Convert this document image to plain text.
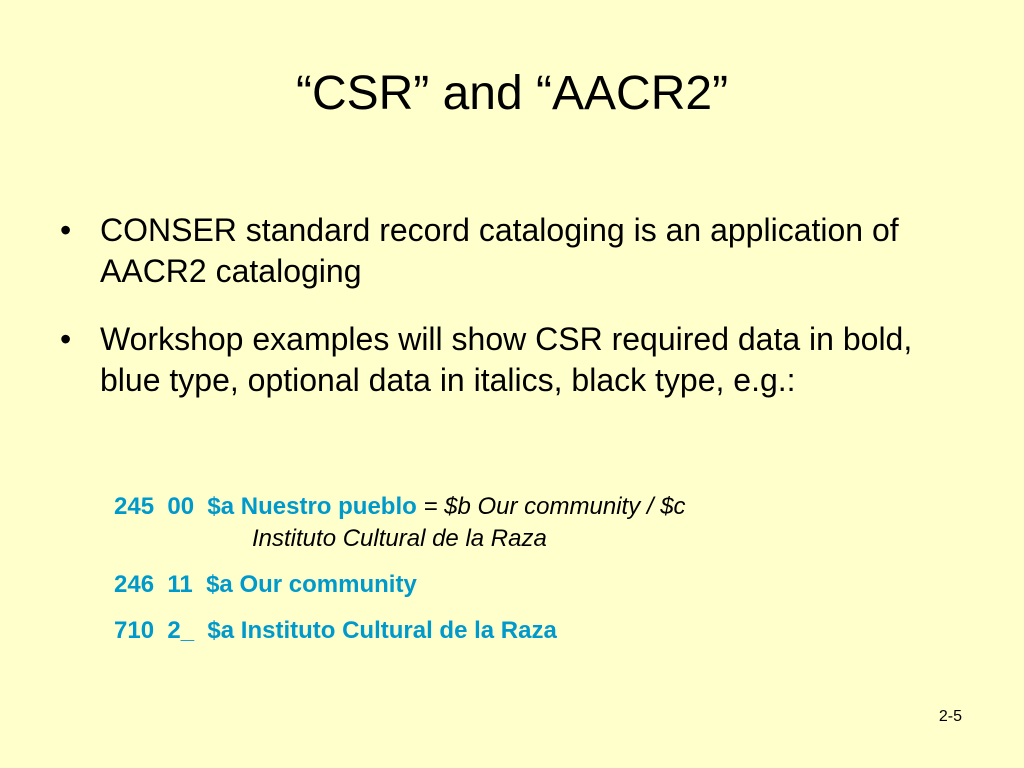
“CSR” and “AACR2”
• CONSER standard record cataloging is an application of AACR2 cataloging
• Workshop examples will show CSR required data in bold, blue type, optional data in italics, black type, e.g.:
245  00  $a Nuestro pueblo = $b Our community / $c
Instituto Cultural de la Raza
246  11  $a Our community
710  2_  $a Instituto Cultural de la Raza
2-5
